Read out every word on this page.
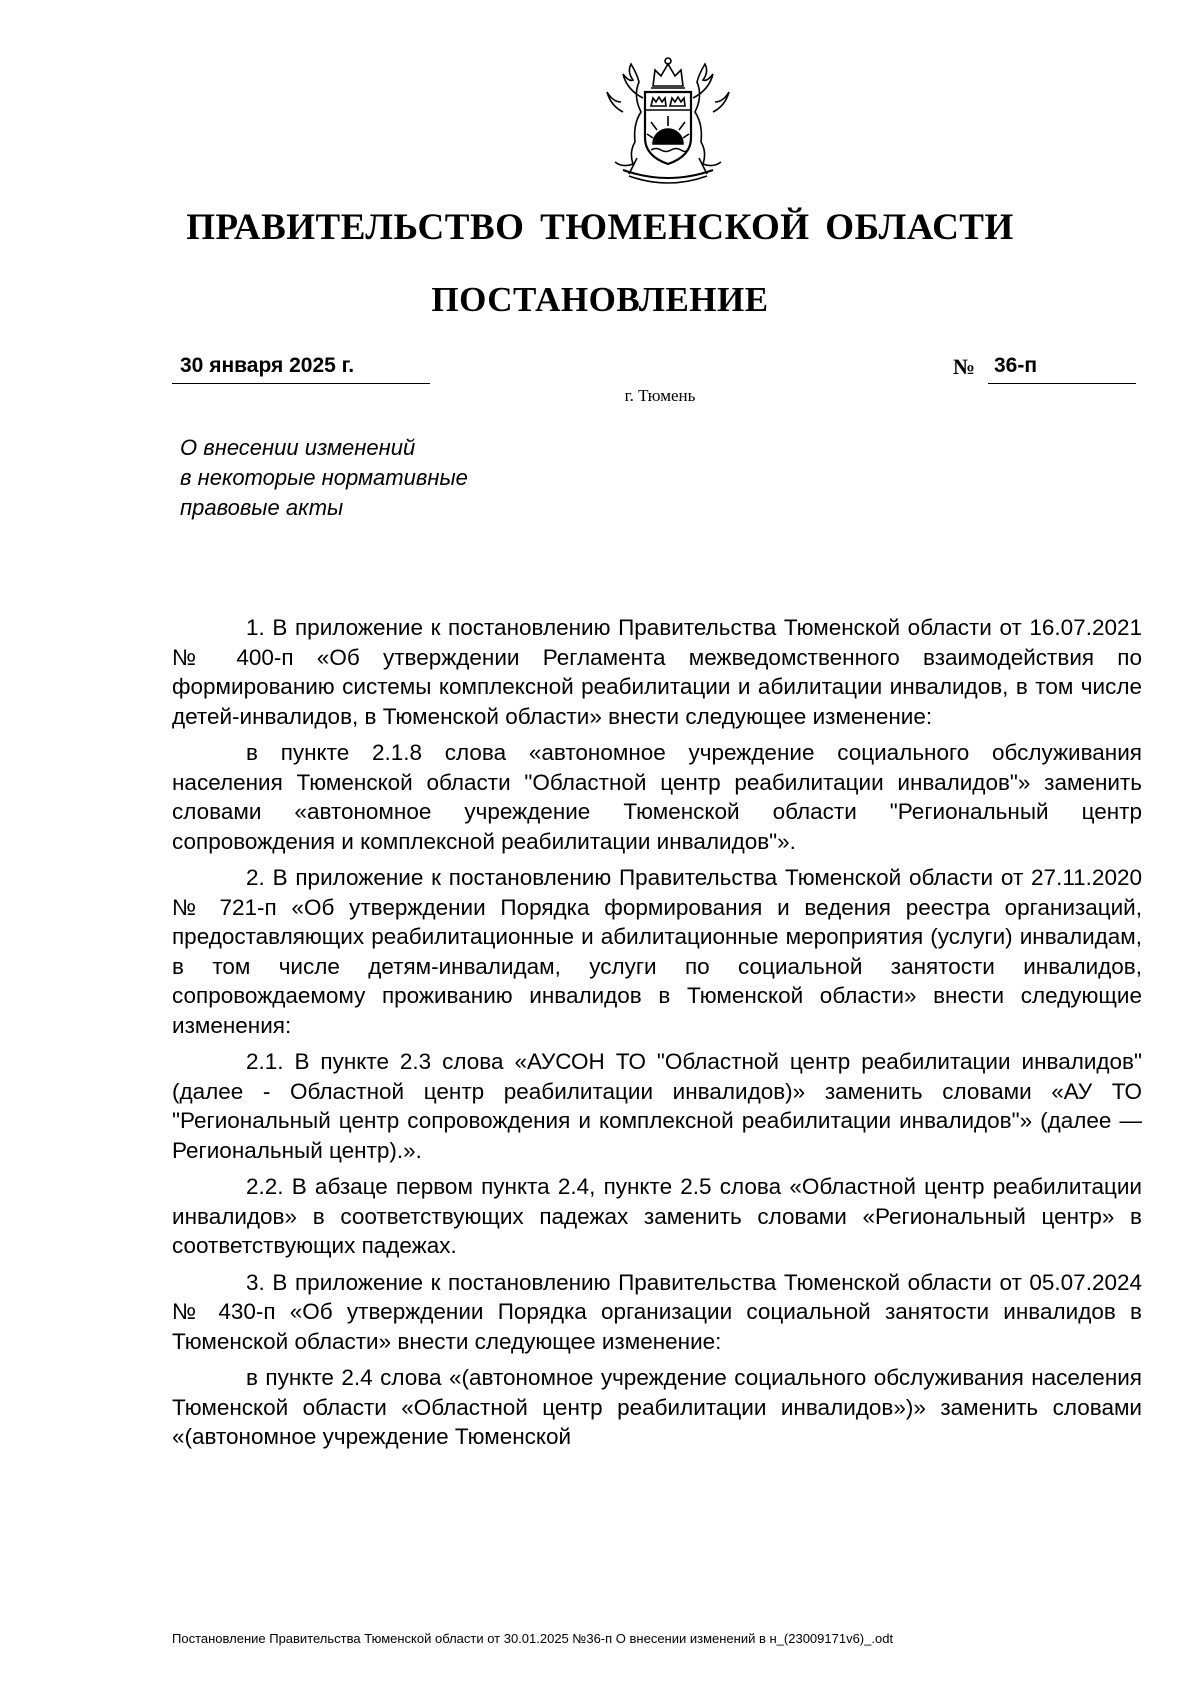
ПРАВИТЕЛЬСТВО ТЮМЕНСКОЙ ОБЛАСТИ
ПОСТАНОВЛЕНИЕ
30 января 2025 г.	№ 36-п
г. Тюмень
О внесении изменений
в некоторые нормативные
правовые акты

1. В приложение к постановлению Правительства Тюменской области от 16.07.2021 № 400-п «Об утверждении Регламента межведомственного взаимодействия по формированию системы комплексной реабилитации и абилитации инвалидов, в том числе детей-инвалидов, в Тюменской области» внести следующее изменение:

в пункте 2.1.8 слова «автономное учреждение социального обслуживания населения Тюменской области "Областной центр реабилитации инвалидов"» заменить словами «автономное учреждение Тюменской области "Региональный центр сопровождения и комплексной реабилитации инвалидов"».

2. В приложение к постановлению Правительства Тюменской области от 27.11.2020 № 721-п «Об утверждении Порядка формирования и ведения реестра организаций, предоставляющих реабилитационные и абилитационные мероприятия (услуги) инвалидам, в том числе детям-инвалидам, услуги по социальной занятости инвалидов, сопровождаемому проживанию инвалидов в Тюменской области» внести следующие изменения:

2.1. В пункте 2.3 слова «АУСОН ТО "Областной центр реабилитации инвалидов" (далее - Областной центр реабилитации инвалидов)» заменить словами «АУ ТО "Региональный центр сопровождения и комплексной реабилитации инвалидов"» (далее — Региональный центр).».

2.2. В абзаце первом пункта 2.4, пункте 2.5 слова «Областной центр реабилитации инвалидов» в соответствующих падежах заменить словами «Региональный центр» в соответствующих падежах.

3. В приложение к постановлению Правительства Тюменской области от 05.07.2024 № 430-п «Об утверждении Порядка организации социальной занятости инвалидов в Тюменской области» внести следующее изменение:

в пункте 2.4 слова «(автономное учреждение социального обслуживания населения Тюменской области «Областной центр реабилитации инвалидов»)» заменить словами «(автономное учреждение Тюменской

Постановление Правительства Тюменской области от 30.01.2025 №36-п О внесении изменений в н_(23009171v6)_.odt
